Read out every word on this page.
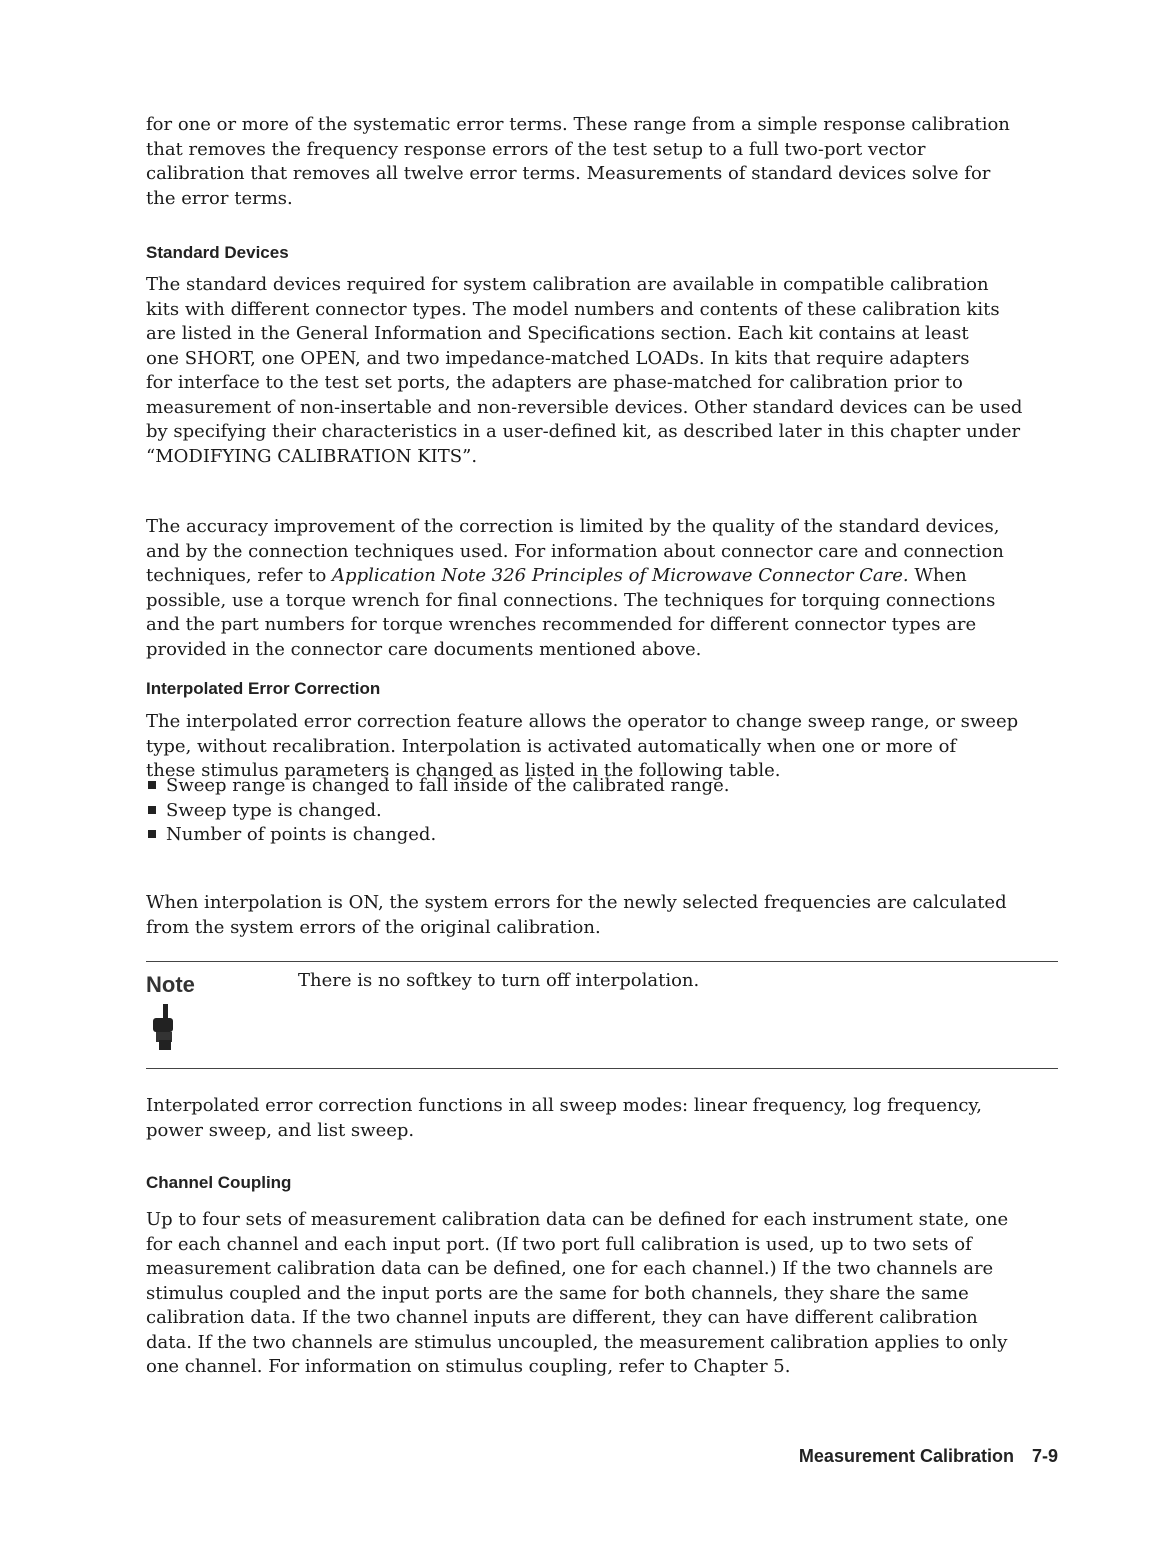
for one or more of the systematic error terms. These range from a simple response calibration
that removes the frequency response errors of the test setup to a full two-port vector
calibration that removes all twelve error terms. Measurements of standard devices solve for
the error terms.
Standard Devices
The standard devices required for system calibration are available in compatible calibration
kits with different connector types. The model numbers and contents of these calibration kits
are listed in the General Information and Specifications section. Each kit contains at least
one SHORT, one OPEN, and two impedance-matched LOADs. In kits that require adapters
for interface to the test set ports, the adapters are phase-matched for calibration prior to
measurement of non-insertable and non-reversible devices. Other standard devices can be used
by specifying their characteristics in a user-defined kit, as described later in this chapter under
“MODIFYING CALIBRATION KITS”.
The accuracy improvement of the correction is limited by the quality of the standard devices,
and by the connection techniques used. For information about connector care and connection
techniques, refer to Application Note 326 Principles of Microwave Connector Care. When
possible, use a torque wrench for final connections. The techniques for torquing connections
and the part numbers for torque wrenches recommended for different connector types are
provided in the connector care documents mentioned above.
Interpolated Error Correction
The interpolated error correction feature allows the operator to change sweep range, or sweep
type, without recalibration. Interpolation is activated automatically when one or more of
these stimulus parameters is changed as listed in the following table.
Sweep range is changed to fall inside of the calibrated range.
Sweep type is changed.
Number of points is changed.
When interpolation is ON, the system errors for the newly selected frequencies are calculated
from the system errors of the original calibration.
Note	There is no softkey to turn off interpolation.
Interpolated error correction functions in all sweep modes: linear frequency, log frequency,
power sweep, and list sweep.
Channel Coupling
Up to four sets of measurement calibration data can be defined for each instrument state, one
for each channel and each input port. (If two port full calibration is used, up to two sets of
measurement calibration data can be defined, one for each channel.) If the two channels are
stimulus coupled and the input ports are the same for both channels, they share the same
calibration data. If the two channel inputs are different, they can have different calibration
data. If the two channels are stimulus uncoupled, the measurement calibration applies to only
one channel. For information on stimulus coupling, refer to Chapter 5.
Measurement Calibration 7-9
